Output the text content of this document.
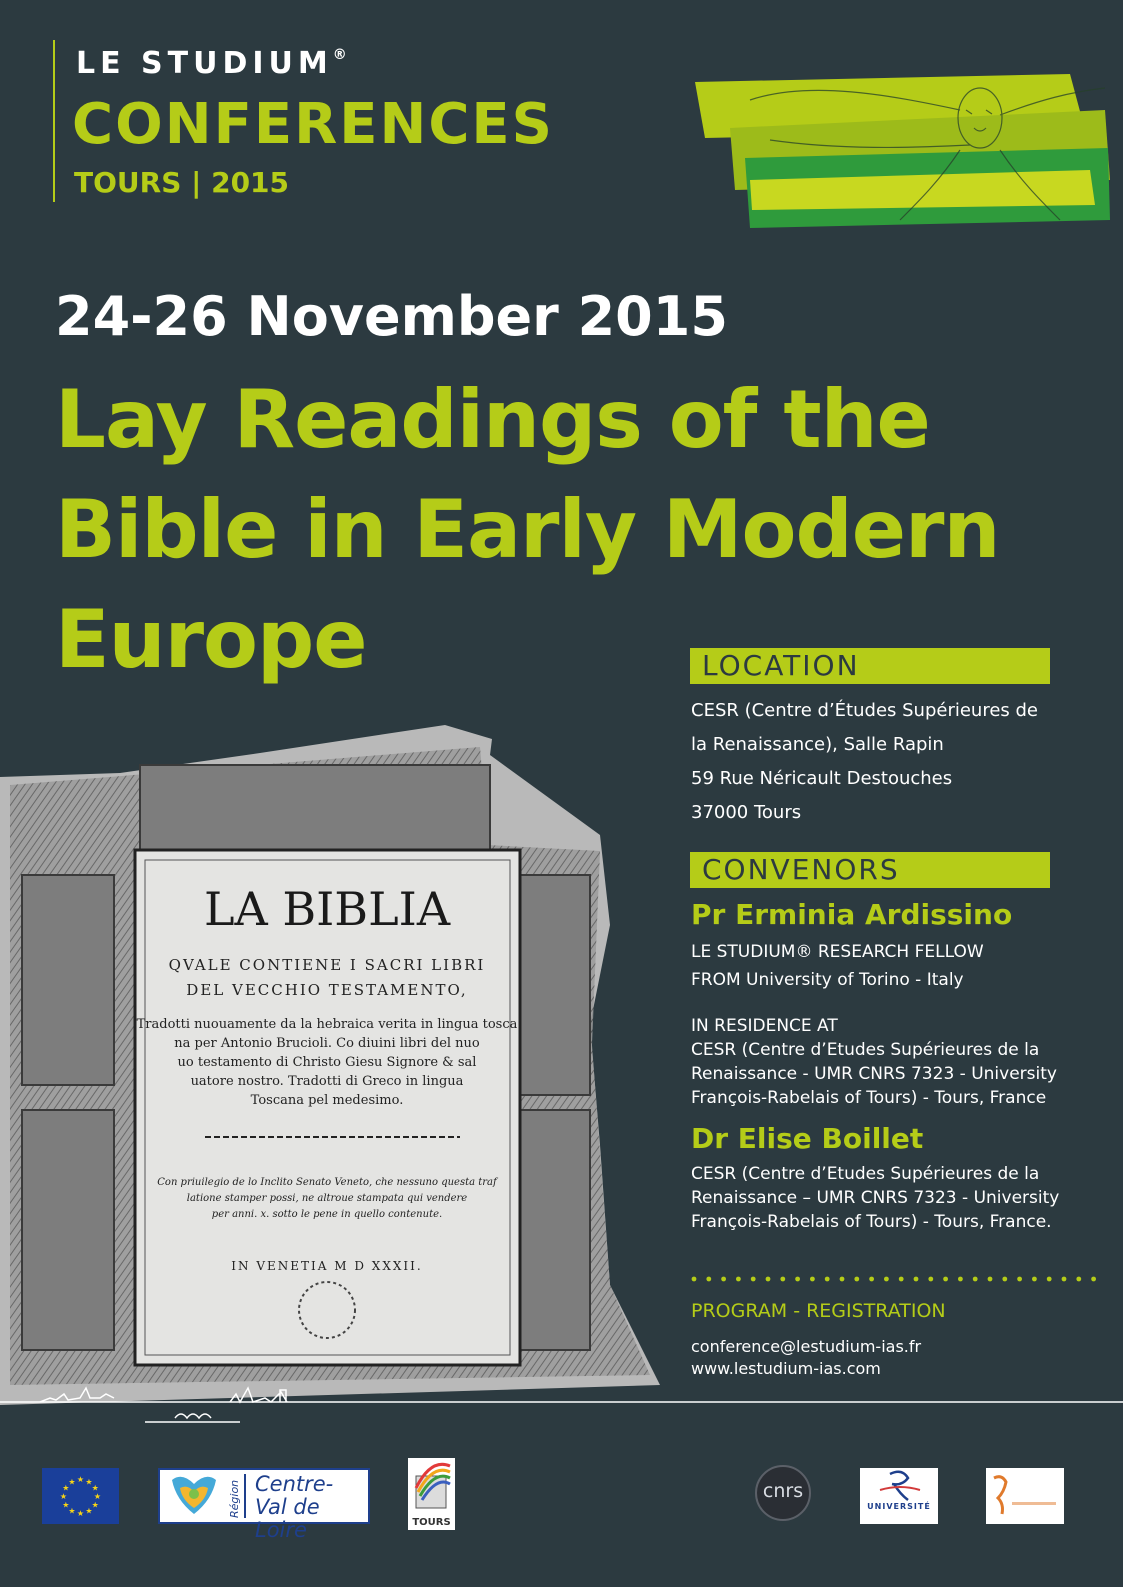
LE STUDIUM®
CONFERENCES
TOURS | 2015
24-26 November 2015
Lay Readings of the
Bible in Early Modern
Europe
LA BIBLIA
QVALE CONTIENE I SACRI LIBRI
DEL VECCHIO TESTAMENTO,
Tradotti nuouamente da la hebraica verita in lingua tosca
na per Antonio Brucioli. Co diuini libri del nuo
uo testamento di Christo Giesu Signore & sal
uatore nostro. Tradotti di Greco in lingua
Toscana pel medesimo.
Con priuilegio de lo Inclito Senato Veneto, che nessuno questa traf
latione stamper possi, ne altroue stampata qui vendere
per anni. x. sotto le pene in quello contenute.
IN VENETIA M D XXXII.
LOCATION
CESR (Centre d’Études Supérieures de
la Renaissance), Salle Rapin
59 Rue Néricault Destouches
37000 Tours
CONVENORS
Pr Erminia Ardissino
LE STUDIUM® RESEARCH FELLOW
FROM University of Torino - Italy
IN RESIDENCE AT
CESR (Centre d’Etudes Supérieures de la
Renaissance - UMR CNRS 7323 - University
François-Rabelais of Tours) - Tours, France
Dr Elise Boillet
CESR (Centre d’Etudes Supérieures de la
Renaissance – UMR CNRS 7323 - University
François-Rabelais of Tours) - Tours, France.
PROGRAM - REGISTRATION
conference@lestudium-ias.fr
www.lestudium-ias.com
★
★
★
★
★
★
★
★
★ ★ ★
★	Région Centre-
Val de Loire	TOURS
cnrs
UNIVERSITÉ
